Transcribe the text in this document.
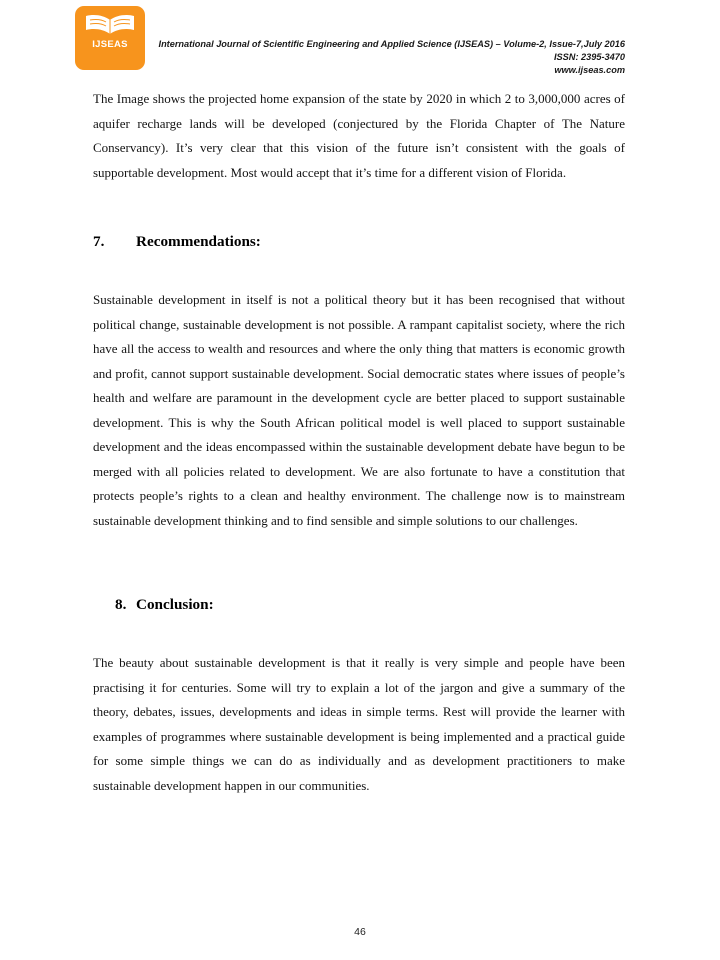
IJSEAS	International Journal of Scientific Engineering and Applied Science (IJSEAS) – Volume-2, Issue-7,July 2016
ISSN: 2395-3470
www.ijseas.com
The Image shows the projected home expansion of the state by 2020 in which 2 to 3,000,000 acres of aquifer recharge lands will be developed (conjectured by the Florida Chapter of The Nature Conservancy). It’s very clear that this vision of the future isn’t consistent with the goals of supportable development. Most would accept that it’s time for a different vision of Florida.
7. Recommendations:
Sustainable development in itself is not a political theory but it has been recognised that without political change, sustainable development is not possible. A rampant capitalist society, where the rich have all the access to wealth and resources and where the only thing that matters is economic growth and profit, cannot support sustainable development. Social democratic states where issues of people’s health and welfare are paramount in the development cycle are better placed to support sustainable development. This is why the South African political model is well placed to support sustainable development and the ideas encompassed within the sustainable development debate have begun to be merged with all policies related to development. We are also fortunate to have a constitution that protects people’s rights to a clean and healthy environment. The challenge now is to mainstream sustainable development thinking and to find sensible and simple solutions to our challenges.
8. Conclusion:
The beauty about sustainable development is that it really is very simple and people have been practising it for centuries. Some will try to explain a lot of the jargon and give a summary of the theory, debates, issues, developments and ideas in simple terms. Rest will provide the learner with examples of programmes where sustainable development is being implemented and a practical guide for some simple things we can do as individually and as development practitioners to make sustainable development happen in our communities.
46
